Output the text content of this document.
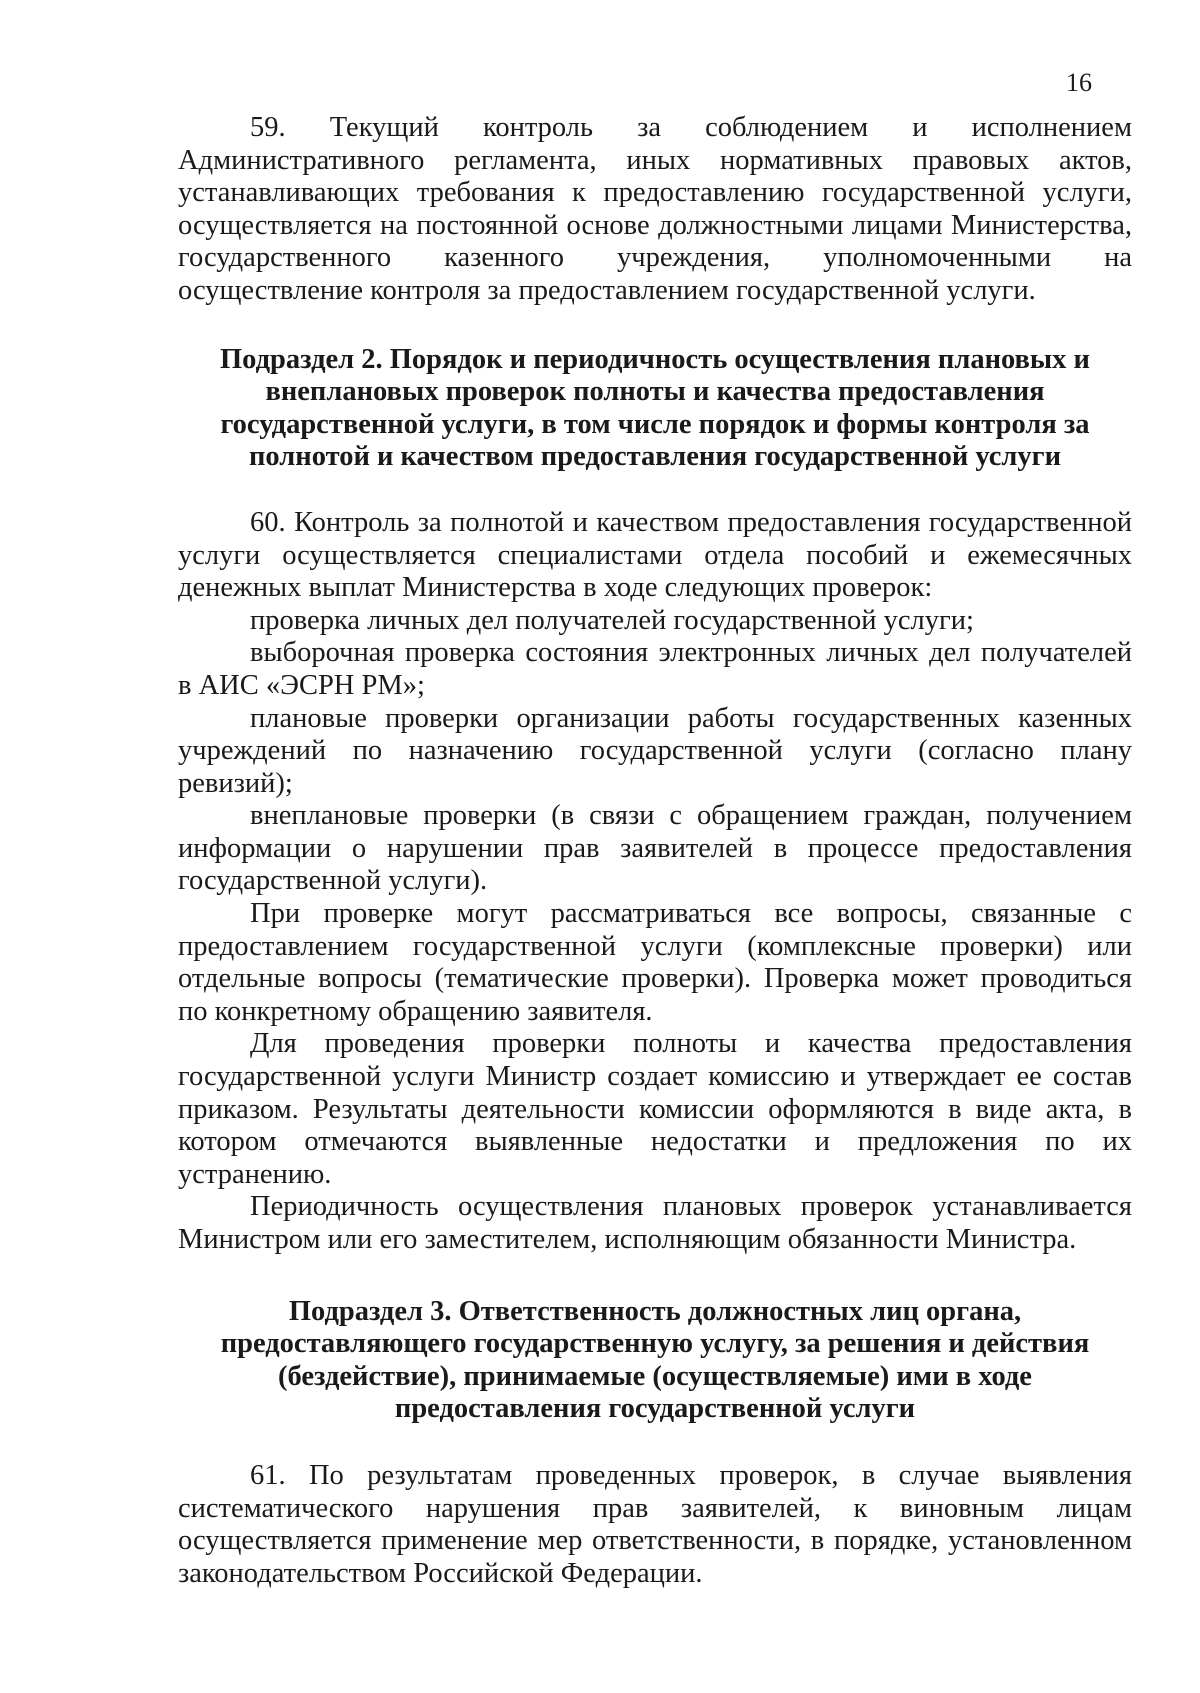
16

59. Текущий контроль за соблюдением и исполнением Административного регламента, иных нормативных правовых актов, устанавливающих требования к предоставлению государственной услуги, осуществляется на постоянной основе должностными лицами Министерства, государственного казенного учреждения, уполномоченными на осуществление контроля за предоставлением государственной услуги.

Подраздел 2. Порядок и периодичность осуществления плановых и
внеплановых проверок полноты и качества предоставления
государственной услуги, в том числе порядок и формы контроля за
полнотой и качеством предоставления государственной услуги

60. Контроль за полнотой и качеством предоставления государственной услуги осуществляется специалистами отдела пособий и ежемесячных денежных выплат Министерства в ходе следующих проверок:

проверка личных дел получателей государственной услуги;

выборочная проверка состояния электронных личных дел получателей в АИС «ЭСРН РМ»;

плановые проверки организации работы государственных казенных учреждений по назначению государственной услуги (согласно плану ревизий);

внеплановые проверки (в связи с обращением граждан, получением информации о нарушении прав заявителей в процессе предоставления государственной услуги).

При проверке могут рассматриваться все вопросы, связанные с предоставлением государственной услуги (комплексные проверки) или отдельные вопросы (тематические проверки). Проверка может проводиться по конкретному обращению заявителя.

Для проведения проверки полноты и качества предоставления государственной услуги Министр создает комиссию и утверждает ее состав приказом. Результаты деятельности комиссии оформляются в виде акта, в котором отмечаются выявленные недостатки и предложения по их устранению.

Периодичность осуществления плановых проверок устанавливается Министром или его заместителем, исполняющим обязанности Министра.

Подраздел 3. Ответственность должностных лиц органа,
предоставляющего государственную услугу, за решения и действия
(бездействие), принимаемые (осуществляемые) ими в ходе
предоставления государственной услуги

61. По результатам проведенных проверок, в случае выявления систематического нарушения прав заявителей, к виновным лицам осуществляется применение мер ответственности, в порядке, установленном законодательством Российской Федерации.
